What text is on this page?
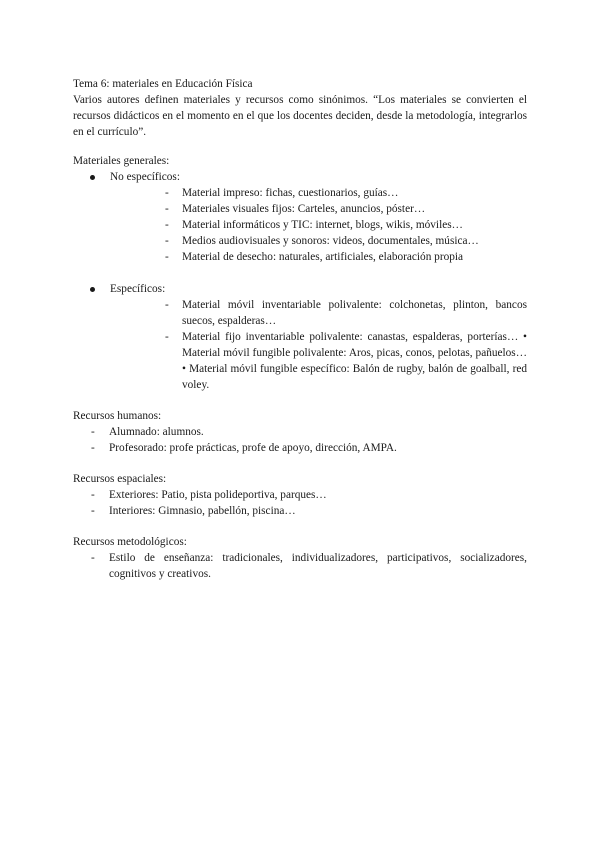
Tema 6: materiales en Educación Física

Varios autores definen materiales y recursos como sinónimos. “Los materiales se convierten el recursos didácticos en el momento en el que los docentes deciden, desde la metodología, integrarlos en el currículo”.

Materiales generales:

No específicos:
- Material impreso: fichas, cuestionarios, guías…
- Materiales visuales fijos: Carteles, anuncios, póster…
- Material informáticos y TIC: internet, blogs, wikis, móviles…
- Medios audiovisuales y sonoros: videos, documentales, música…
- Material de desecho: naturales, artificiales, elaboración propia
Específicos:
- Material móvil inventariable polivalente: colchonetas, plinton, bancos suecos, espalderas…
- Material fijo inventariable polivalente: canastas, espalderas, porterías… • Material móvil fungible polivalente: Aros, picas, conos, pelotas, pañuelos… • Material móvil fungible específico: Balón de rugby, balón de goalball, red voley.

Recursos humanos:

- Alumnado: alumnos.
- Profesorado: profe prácticas, profe de apoyo, dirección, AMPA.

Recursos espaciales:

- Exteriores: Patio, pista polideportiva, parques…
- Interiores: Gimnasio, pabellón, piscina…

Recursos metodológicos:

- Estilo de enseñanza: tradicionales, individualizadores, participativos, socializadores, cognitivos y creativos.
